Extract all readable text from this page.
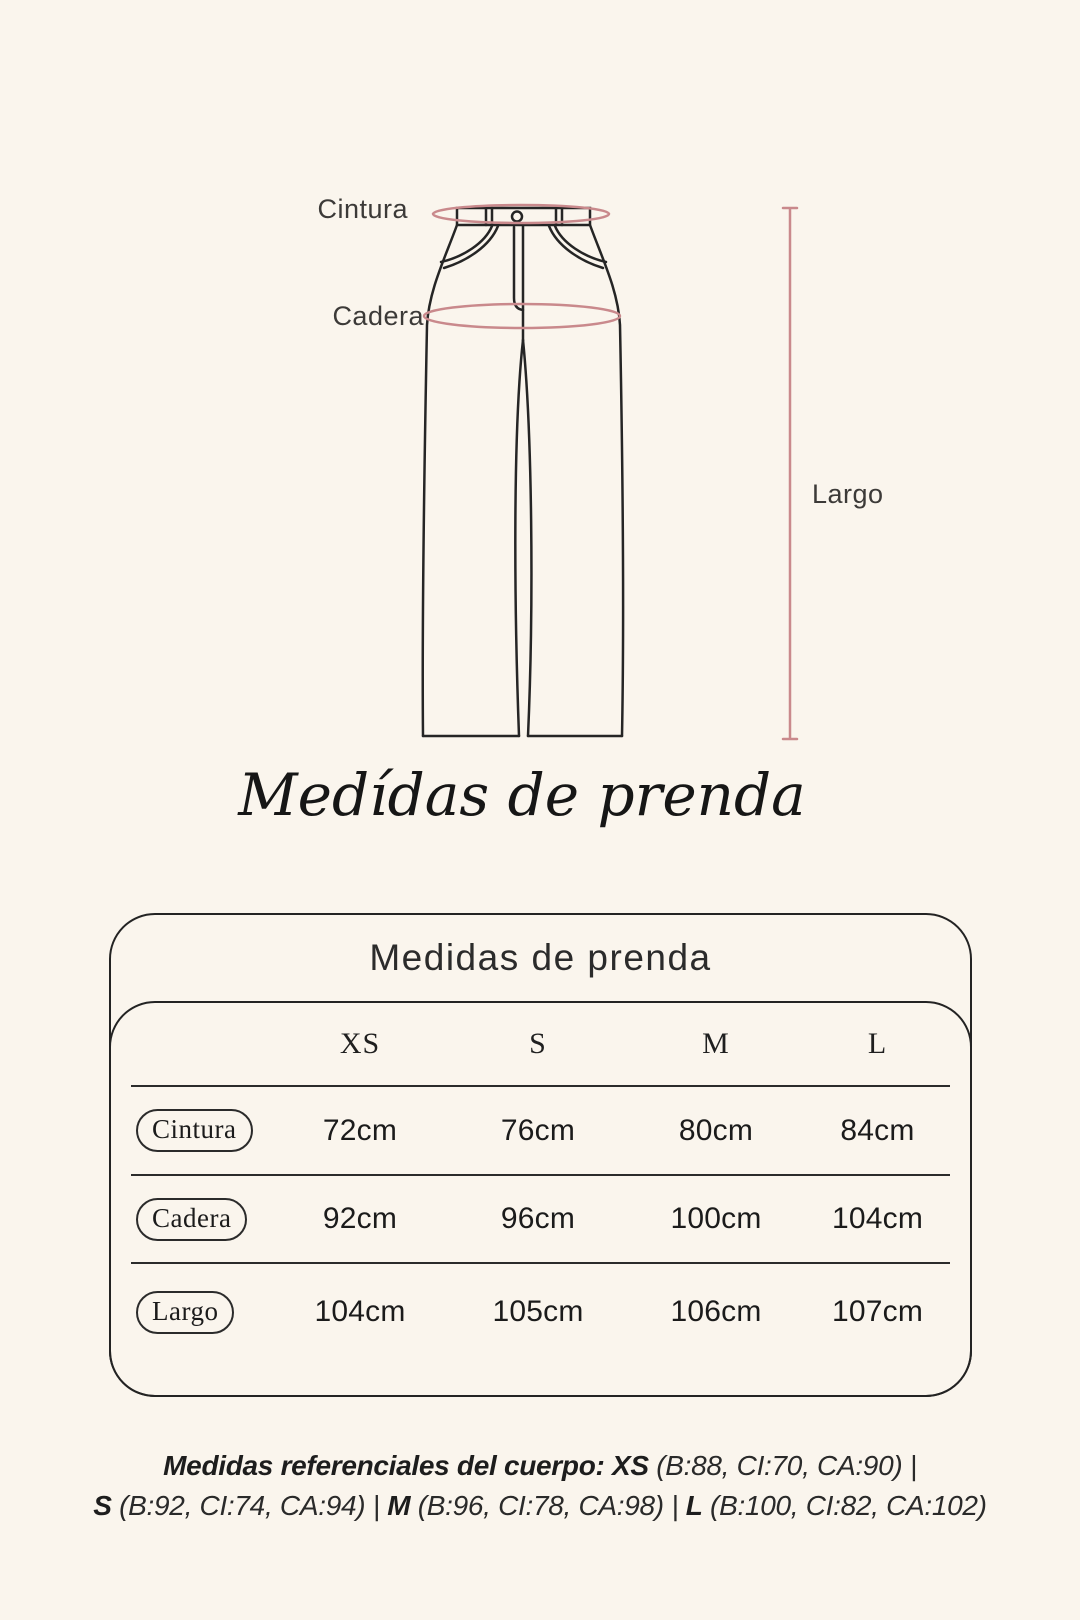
Cintura
Cadera
Largo
Medídas de prenda
Medidas de prenda
XS	S	M	L
Cintura	72cm	76cm	80cm	84cm
Cadera	92cm	96cm	100cm	104cm
Largo	104cm	105cm	106cm	107cm
Medidas referenciales del cuerpo: XS (B:88, CI:70, CA:90) |
S (B:92, CI:74, CA:94) | M (B:96, CI:78, CA:98) | L (B:100, CI:82, CA:102)
